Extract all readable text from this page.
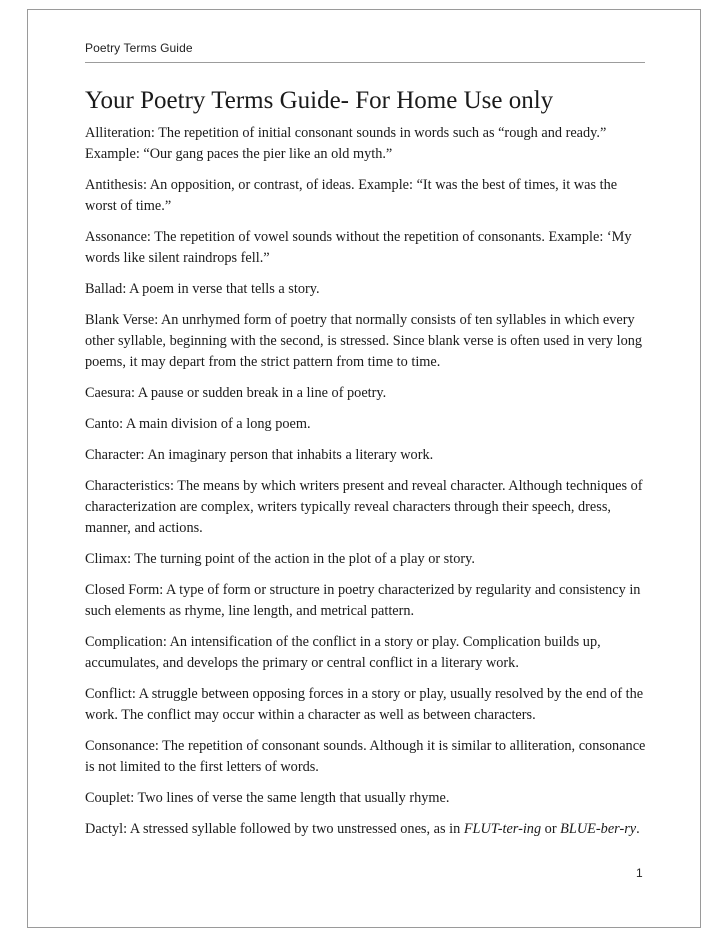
Poetry Terms Guide
Your Poetry Terms Guide- For Home Use only

Alliteration: The repetition of initial consonant sounds in words such as “rough and ready.” Example: “Our gang paces the pier like an old myth.”

Antithesis: An opposition, or contrast, of ideas. Example: “It was the best of times, it was the worst of time.”

Assonance: The repetition of vowel sounds without the repetition of consonants. Example: ‘My words like silent raindrops fell.”

Ballad: A poem in verse that tells a story.

Blank Verse: An unrhymed form of poetry that normally consists of ten syllables in which every other syllable, beginning with the second, is stressed. Since blank verse is often used in very long poems, it may depart from the strict pattern from time to time.

Caesura: A pause or sudden break in a line of poetry.

Canto: A main division of a long poem.

Character: An imaginary person that inhabits a literary work.

Characteristics: The means by which writers present and reveal character. Although techniques of characterization are complex, writers typically reveal characters through their speech, dress, manner, and actions.

Climax: The turning point of the action in the plot of a play or story.

Closed Form: A type of form or structure in poetry characterized by regularity and consistency in such elements as rhyme, line length, and metrical pattern.

Complication: An intensification of the conflict in a story or play. Complication builds up, accumulates, and develops the primary or central conflict in a literary work.

Conflict: A struggle between opposing forces in a story or play, usually resolved by the end of the work. The conflict may occur within a character as well as between characters.

Consonance: The repetition of consonant sounds. Although it is similar to alliteration, consonance is not limited to the first letters of words.

Couplet: Two lines of verse the same length that usually rhyme.

Dactyl: A stressed syllable followed by two unstressed ones, as in FLUT-ter-ing or BLUE-ber-ry.

1
